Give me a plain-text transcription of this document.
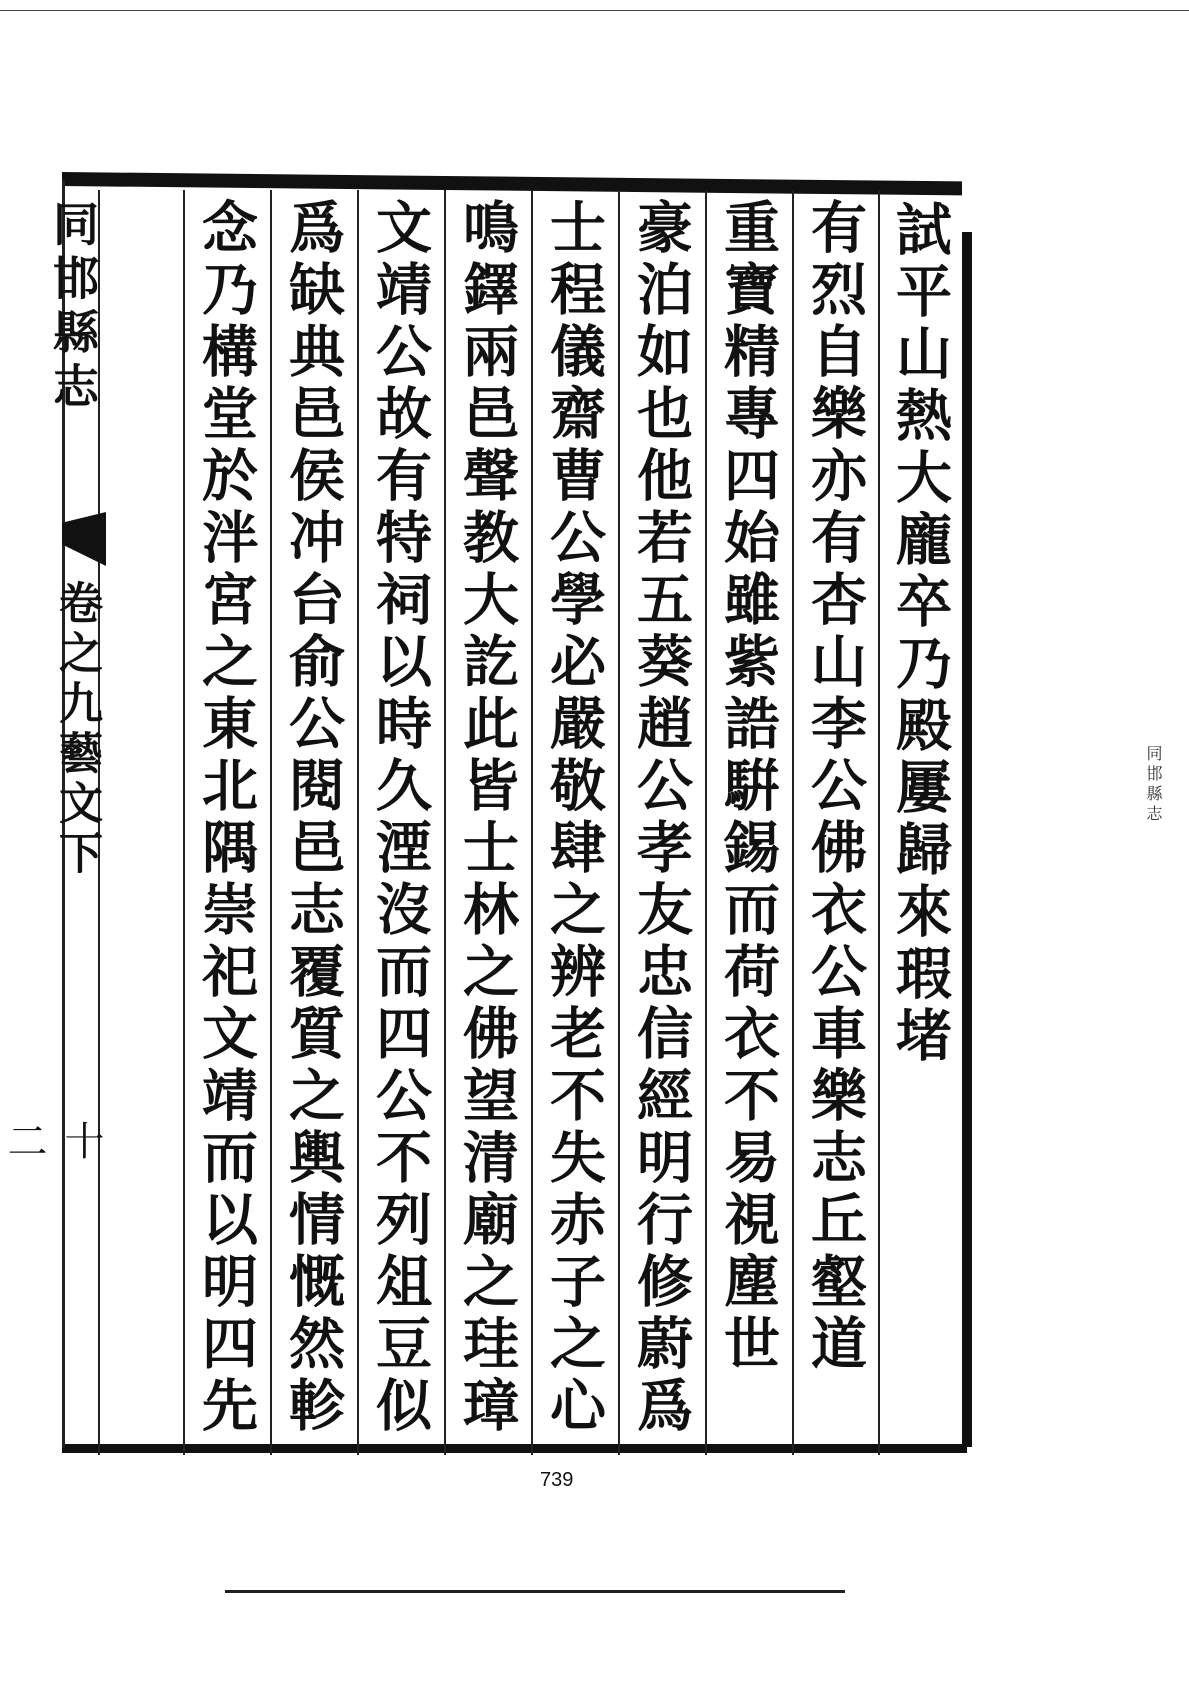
試平山熱大龐卒乃殿屢歸來瑕堵
有烈自樂亦有杏山李公佛衣公車樂志丘壑道
重寶精專四始雖紫誥騈錫而荷衣不易視塵世
豪泊如也他若五葵趙公孝友忠信經明行修蔚爲
士程儀齋曹公學必嚴敬肆之辨老不失赤子之心
鳴鐸兩邑聲教大訖此皆士林之佛望清廟之珪璋
文靖公故有特祠以時久湮沒而四公不列俎豆似
爲缺典邑侯冲台俞公閱邑志覆質之輿情慨然軫
念乃構堂於泮宮之東北隅崇祀文靖而以明四先
同邯縣志
卷之九藝文下
十二
739
同邯縣志
